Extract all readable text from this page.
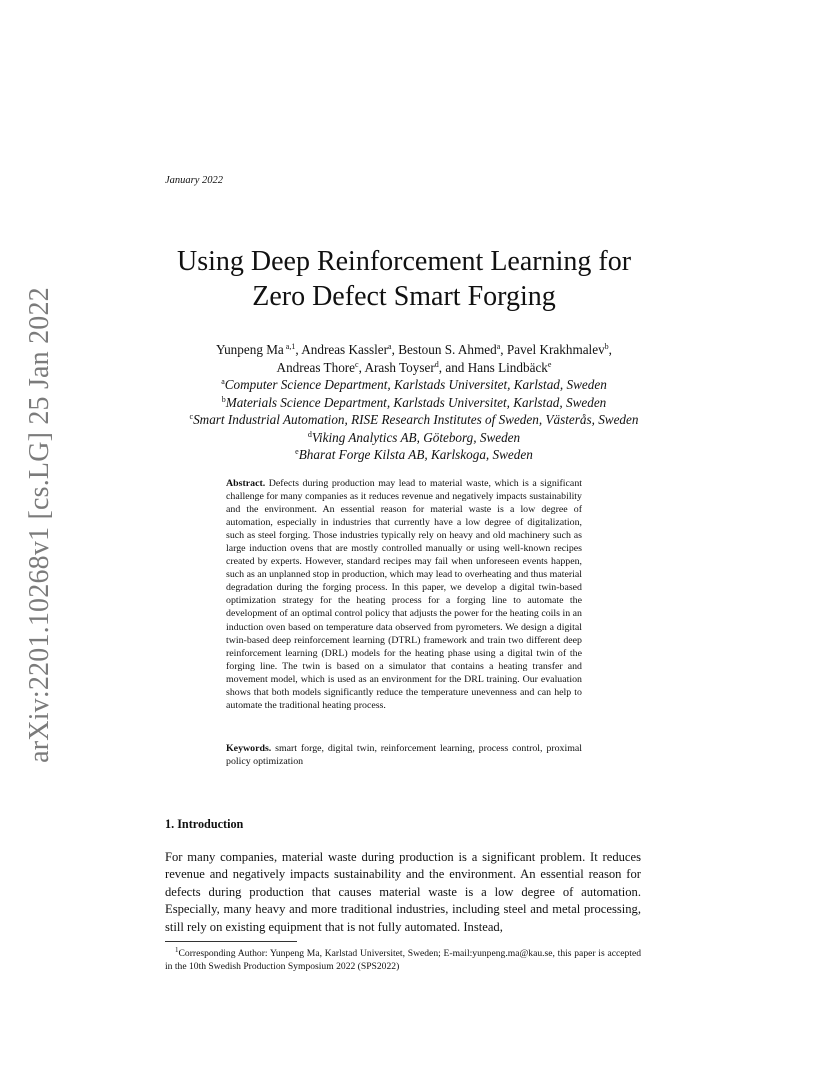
arXiv:2201.10268v1 [cs.LG] 25 Jan 2022
January 2022
Using Deep Reinforcement Learning for
Zero Defect Smart Forging
Yunpeng Ma $^{a,1}$, Andreas Kassler$^a$, Bestoun S. Ahmed$^a$, Pavel Krakhmalev$^b$,
Andreas Thore$^c$, Arash Toyser$^d$, and Hans Lindbäck$^e$
$^a$Computer Science Department, Karlstads Universitet, Karlstad, Sweden
$^b$Materials Science Department, Karlstads Universitet, Karlstad, Sweden
$^c$Smart Industrial Automation, RISE Research Institutes of Sweden, Västerås, Sweden
$^d$Viking Analytics AB, Göteborg, Sweden
$^e$Bharat Forge Kilsta AB, Karlskoga, Sweden

Abstract. Defects during production may lead to material waste, which is a significant challenge for many companies as it reduces revenue and negatively impacts sustainability and the environment. An essential reason for material waste is a low degree of automation, especially in industries that currently have a low degree of digitalization, such as steel forging. Those industries typically rely on heavy and old machinery such as large induction ovens that are mostly controlled manually or using well-known recipes created by experts. However, standard recipes may fail when unforeseen events happen, such as an unplanned stop in production, which may lead to overheating and thus material degradation during the forging process. In this paper, we develop a digital twin-based optimization strategy for the heating process for a forging line to automate the development of an optimal control policy that adjusts the power for the heating coils in an induction oven based on temperature data observed from pyrometers. We design a digital twin-based deep reinforcement learning (DTRL) framework and train two different deep reinforcement learning (DRL) models for the heating phase using a digital twin of the forging line. The twin is based on a simulator that contains a heating transfer and movement model, which is used as an environment for the DRL training. Our evaluation shows that both models significantly reduce the temperature unevenness and can help to automate the traditional heating process.

Keywords. smart forge, digital twin, reinforcement learning, process control, proximal policy optimization

1. Introduction

For many companies, material waste during production is a significant problem. It reduces revenue and negatively impacts sustainability and the environment. An essential reason for defects during production that causes material waste is a low degree of automation. Especially, many heavy and more traditional industries, including steel and metal processing, still rely on existing equipment that is not fully automated. Instead,

$^1$Corresponding Author: Yunpeng Ma, Karlstad Universitet, Sweden; E-mail:yunpeng.ma@kau.se, this paper is accepted in the 10th Swedish Production Symposium 2022 (SPS2022)
